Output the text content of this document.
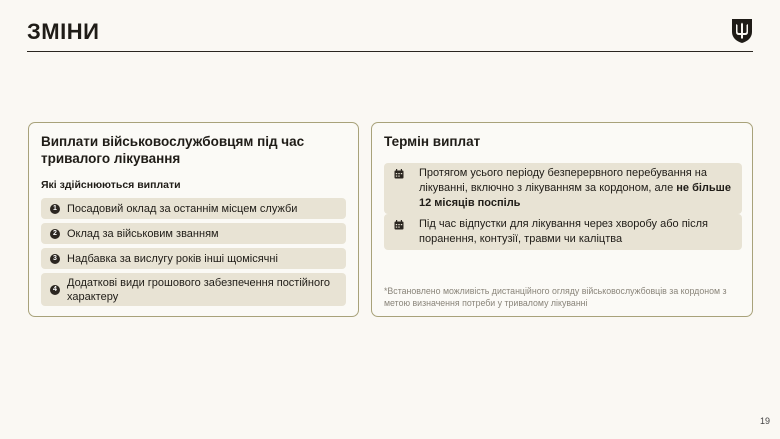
ЗМІНИ
Виплати військовослужбовцям під час тривалого лікування
Які здійснюються виплати
1 Посадовий оклад за останнім місцем служби
2 Оклад за військовим званням
3 Надбавка за вислугу років інші щомісячні
4
Додаткові види грошового забезпечення постійного характеру
Термін виплат
Протягом усього періоду безперервного перебування на лікуванні, включно з лікуванням за кордоном, але не більше 12 місяців поспіль
Під час відпустки для лікування через хворобу або після поранення, контузії, травми чи каліцтва
*Встановлено можливість дистанційного огляду військовослужбовців за кордоном з метою визначення потреби у тривалому лікуванні
19
